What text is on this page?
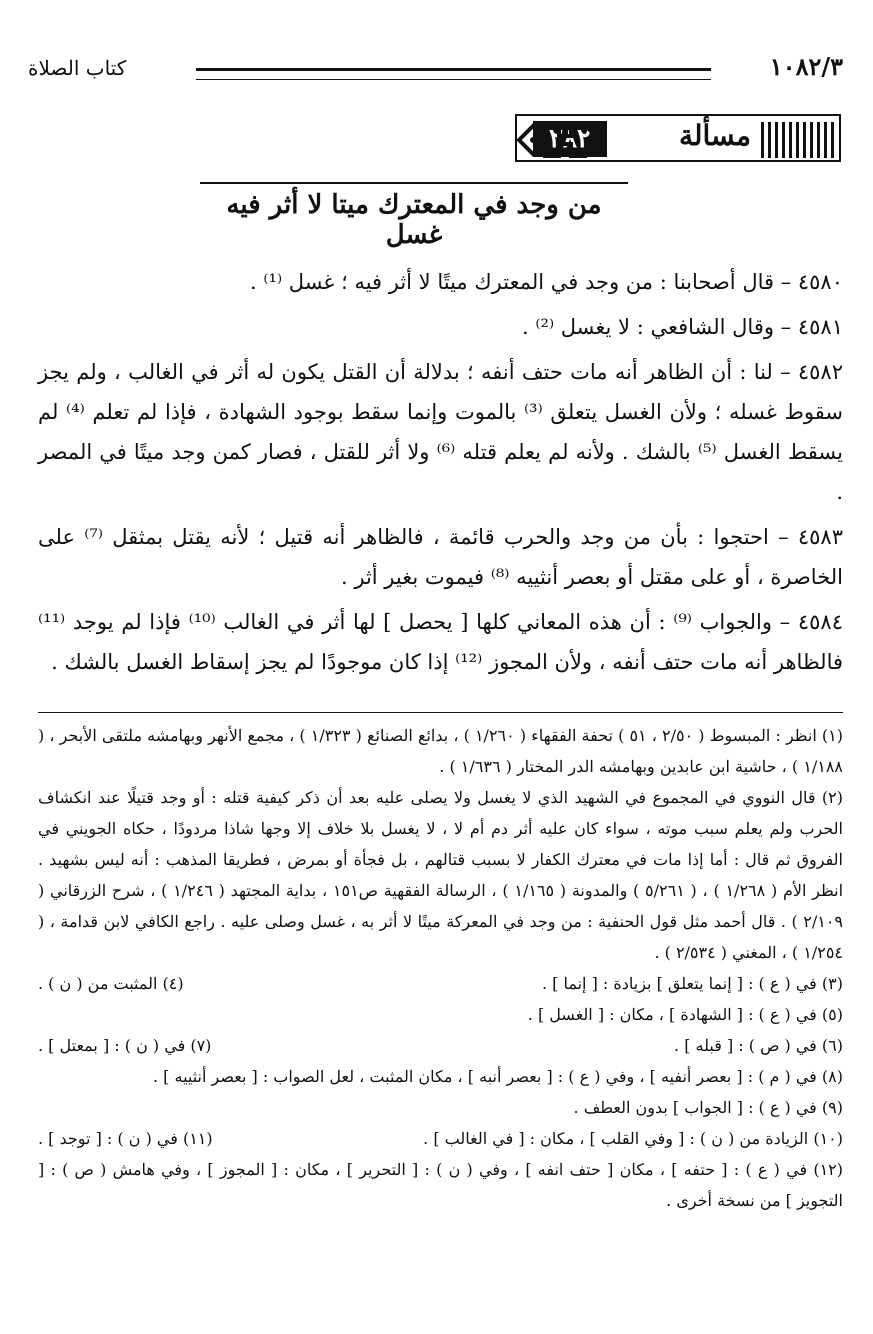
١٠٨٢/٣
كتاب الصلاة
مسألة
٢٨٢
من وجد في المعترك ميتا لا أثر فيه غسل

٤٥٨٠ – قال أصحابنا : من وجد في المعترك ميتًا لا أثر فيه ؛ غسل ⁽¹⁾ .

٤٥٨١ – وقال الشافعي : لا يغسل ⁽²⁾ .

٤٥٨٢ – لنا : أن الظاهر أنه مات حتف أنفه ؛ بدلالة أن القتل يكون له أثر في الغالب ، ولم يجز سقوط غسله ؛ ولأن الغسل يتعلق ⁽³⁾ بالموت وإنما سقط بوجود الشهادة ، فإذا لم تعلم ⁽⁴⁾ لم يسقط الغسل ⁽⁵⁾ بالشك . ولأنه لم يعلم قتله ⁽⁶⁾ ولا أثر للقتل ، فصار كمن وجد ميتًا في المصر .

٤٥٨٣ – احتجوا : بأن من وجد والحرب قائمة ، فالظاهر أنه قتيل ؛ لأنه يقتل بمثقل ⁽⁷⁾ على الخاصرة ، أو على مقتل أو بعصر أنثييه ⁽⁸⁾ فيموت بغير أثر .

٤٥٨٤ – والجواب ⁽⁹⁾ : أن هذه المعاني كلها [ يحصل ] لها أثر في الغالب ⁽¹⁰⁾ فإذا لم يوجد ⁽¹¹⁾ فالظاهر أنه مات حتف أنفه ، ولأن المجوز ⁽¹²⁾ إذا كان موجودًا لم يجز إسقاط الغسل بالشك .

(١) انظر : المبسوط ( ٢/٥٠ ، ٥١ ) تحفة الفقهاء ( ١/٢٦٠ ) ، بدائع الصنائع ( ١/٣٢٣ ) ، مجمع الأنهر وبهامشه ملتقى الأبحر ، ( ١/١٨٨ ) ، حاشية ابن عابدين وبهامشه الدر المختار ( ١/٦٣٦ ) .

(٢) قال النووي في المجموع في الشهيد الذي لا يغسل ولا يصلى عليه بعد أن ذكر كيفية قتله : أو وجد قتيلًا عند انكشاف الحرب ولم يعلم سبب موته ، سواء كان عليه أثر دم أم لا ، لا يغسل بلا خلاف إلا وجها شاذا مردودًا ، حكاه الجويني في الفروق ثم قال : أما إذا مات في معترك الكفار لا بسبب قتالهم ، بل فجأة أو بمرض ، فطريقا المذهب : أنه ليس بشهيد . انظر الأم ( ١/٢٦٨ ) ، ( ٥/٢٦١ ) والمدونة ( ١/١٦٥ ) ، الرسالة الفقهية ص١٥١ ، بداية المجتهد ( ١/٢٤٦ ) ، شرح الزرقاني ( ٢/١٠٩ ) . قال أحمد مثل قول الحنفية : من وجد في المعركة ميتًا لا أثر به ، غسل وصلى عليه . راجع الكافي لابن قدامة ، ( ١/٢٥٤ ) ، المغني ( ٢/٥٣٤ ) .

(٣) في ( ع ) : [ إنما يتعلق ] بزيادة : [ إنما ] .
(٤) المثبت من ( ن ) .

(٥) في ( ع ) : [ الشهادة ] ، مكان : [ الغسل ] .

(٦) في ( ص ) : [ قبله ] .
(٧) في ( ن ) : [ بمعتل ] .

(٨) في ( م ) : [ بعصر أنفيه ] ، وفي ( ع ) : [ بعصر أنبه ] ، مكان المثبت ، لعل الصواب : [ بعصر أنثييه ] .

(٩) في ( ع ) : [ الجواب ] بدون العطف .

(١٠) الزيادة من ( ن ) : [ وفي القلب ] ، مكان : [ في الغالب ] .
(١١) في ( ن ) : [ توجد ] .

(١٢) في ( ع ) : [ حتفه ] ، مكان [ حتف انفه ] ، وفي ( ن ) : [ التحرير ] ، مكان : [ المجوز ] ، وفي هامش ( ص ) : [ التجويز ] من نسخة أخرى .
